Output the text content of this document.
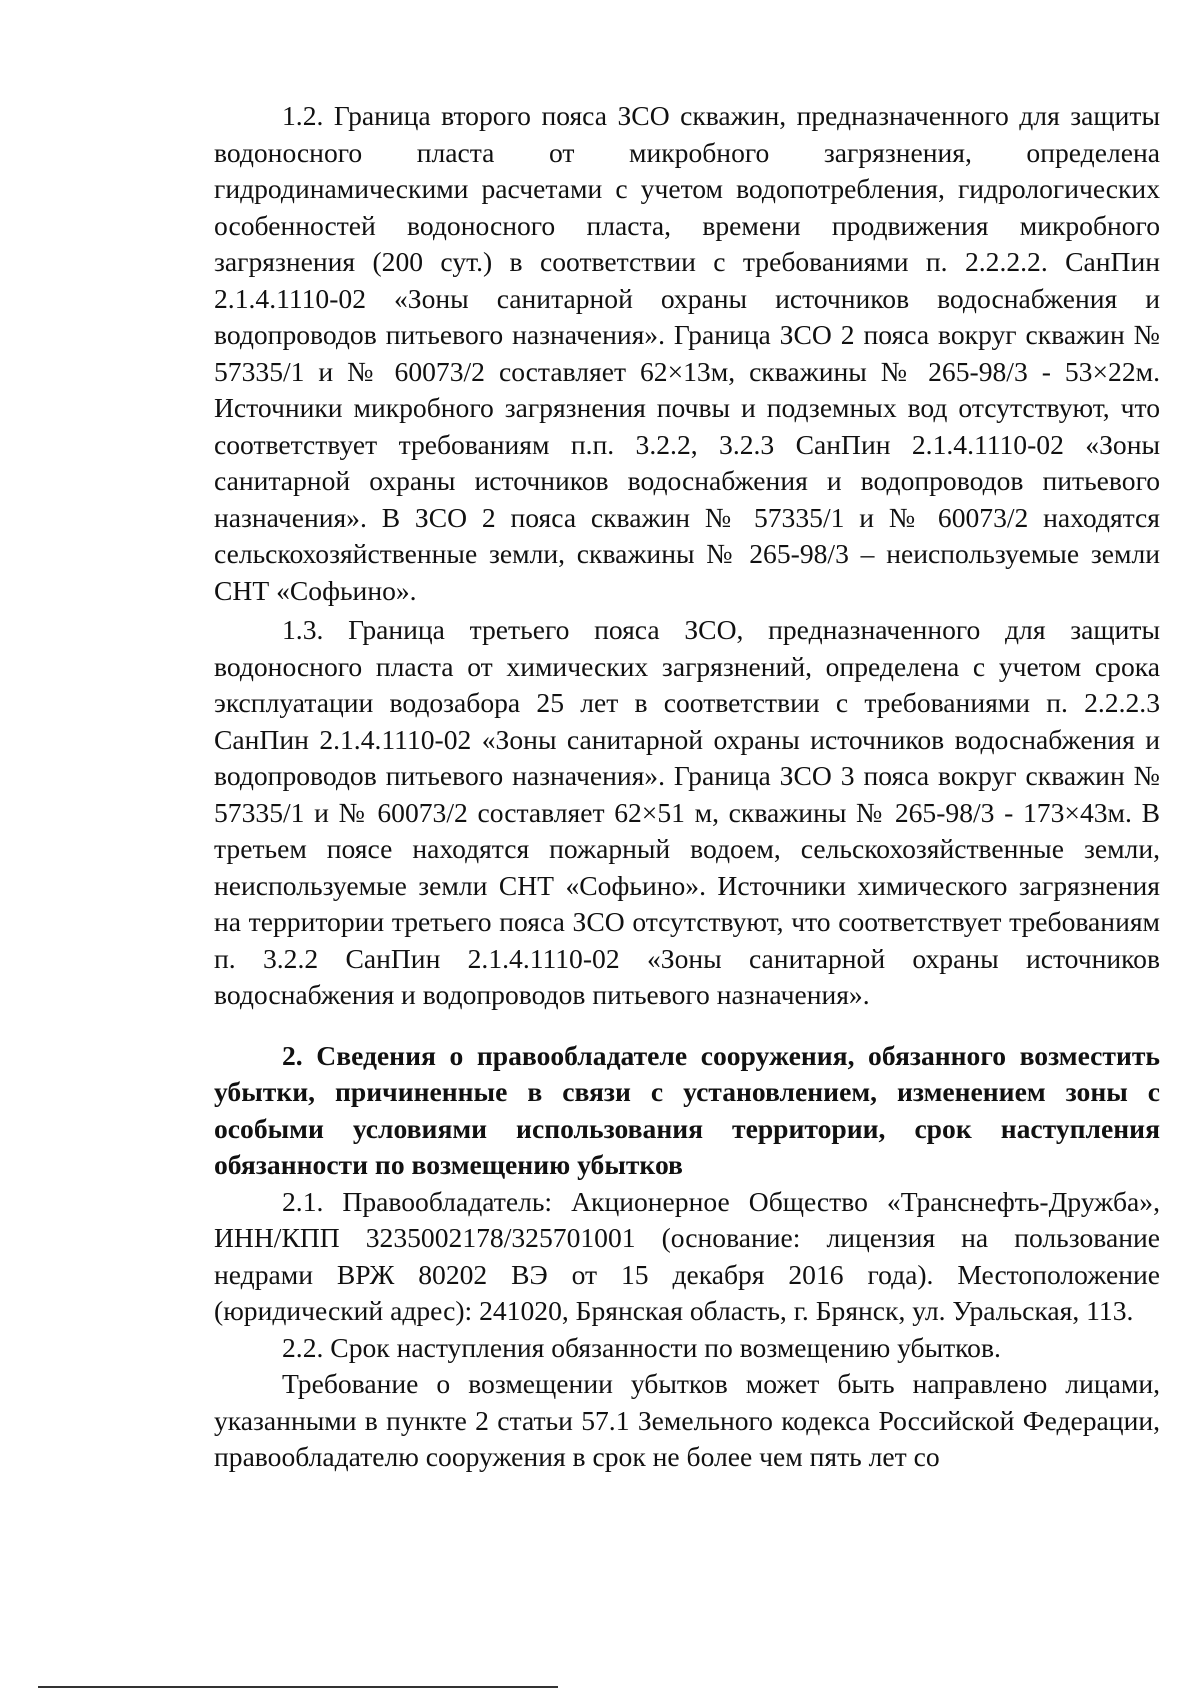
1.2. Граница второго пояса ЗСО скважин, предназначенного для защиты водоносного пласта от микробного загрязнения, определена гидродинамическими расчетами с учетом водопотребления, гидрологических особенностей водоносного пласта, времени продвижения микробного загрязнения (200 сут.) в соответствии с требованиями п. 2.2.2.2. СанПин 2.1.4.1110-02 «Зоны санитарной охраны источников водоснабжения и водопроводов питьевого назначения». Граница ЗСО 2 пояса вокруг скважин № 57335/1 и № 60073/2 составляет 62×13м, скважины № 265-98/3 - 53×22м. Источники микробного загрязнения почвы и подземных вод отсутствуют, что соответствует требованиям п.п. 3.2.2, 3.2.3 СанПин 2.1.4.1110-02 «Зоны санитарной охраны источников водоснабжения и водопроводов питьевого назначения». В ЗСО 2 пояса скважин № 57335/1 и № 60073/2 находятся сельскохозяйственные земли, скважины № 265-98/3 – неиспользуемые земли СНТ «Софьино».

1.3. Граница третьего пояса ЗСО, предназначенного для защиты водоносного пласта от химических загрязнений, определена с учетом срока эксплуатации водозабора 25 лет в соответствии с требованиями п. 2.2.2.3 СанПин 2.1.4.1110-02 «Зоны санитарной охраны источников водоснабжения и водопроводов питьевого назначения». Граница ЗСО 3 пояса вокруг скважин № 57335/1 и № 60073/2 составляет 62×51 м, скважины № 265-98/3 - 173×43м. В третьем поясе находятся пожарный водоем, сельскохозяйственные земли, неиспользуемые земли СНТ «Софьино». Источники химического загрязнения на территории третьего пояса ЗСО отсутствуют, что соответствует требованиям п. 3.2.2 СанПин 2.1.4.1110-02 «Зоны санитарной охраны источников водоснабжения и водопроводов питьевого назначения».

2. Сведения о правообладателе сооружения, обязанного возместить убытки, причиненные в связи с установлением, изменением зоны с особыми условиями использования территории, срок наступления обязанности по возмещению убытков

2.1. Правообладатель: Акционерное Общество «Транснефть-Дружба», ИНН/КПП 3235002178/325701001 (основание: лицензия на пользование недрами ВРЖ 80202 ВЭ от 15 декабря 2016 года). Местоположение (юридический адрес): 241020, Брянская область, г. Брянск, ул. Уральская, 113.

2.2. Срок наступления обязанности по возмещению убытков.

Требование о возмещении убытков может быть направлено лицами, указанными в пункте 2 статьи 57.1 Земельного кодекса Российской Федерации, правообладателю сооружения в срок не более чем пять лет со
